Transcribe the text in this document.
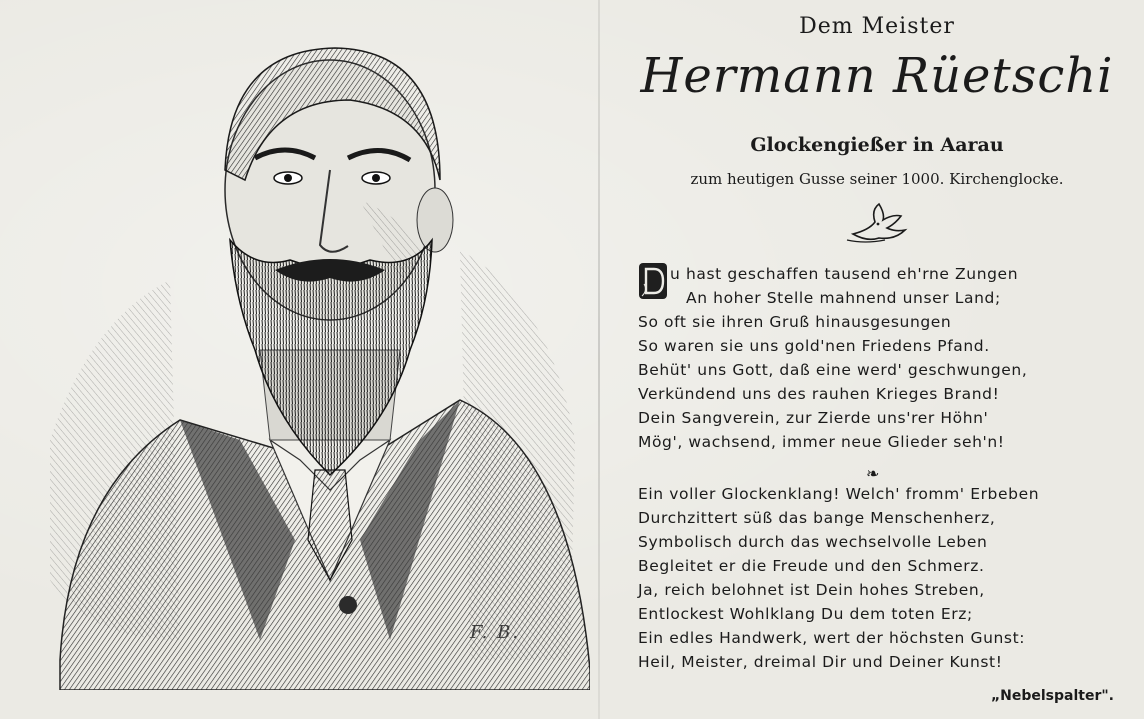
F. B.
Dem Meister
Hermann Rüetschi
Glockengießer in Aarau
zum heutigen Gusse seiner 1000. Kirchenglocke.
u hast geschaffen tausend eh'rne Zungen
An hoher Stelle mahnend unser Land;
So oft sie ihren Gruß hinausgesungen
So waren sie uns gold'nen Friedens Pfand.
Behüt' uns Gott, daß eine werd' geschwungen,
Verkündend uns des rauhen Krieges Brand!
Dein Sangverein, zur Zierde uns'rer Höhn'
Mög', wachsend, immer neue Glieder seh'n!
Ein voller Glockenklang! Welch' fromm' Erbeben
Durchzittert süß das bange Menschenherz,
Symbolisch durch das wechselvolle Leben
Begleitet er die Freude und den Schmerz.
Ja, reich belohnet ist Dein hohes Streben,
Entlockest Wohlklang Du dem toten Erz;
Ein edles Handwerk, wert der höchsten Gunst:
Heil, Meister, dreimal Dir und Deiner Kunst!
❧
„Nebelspalter".
